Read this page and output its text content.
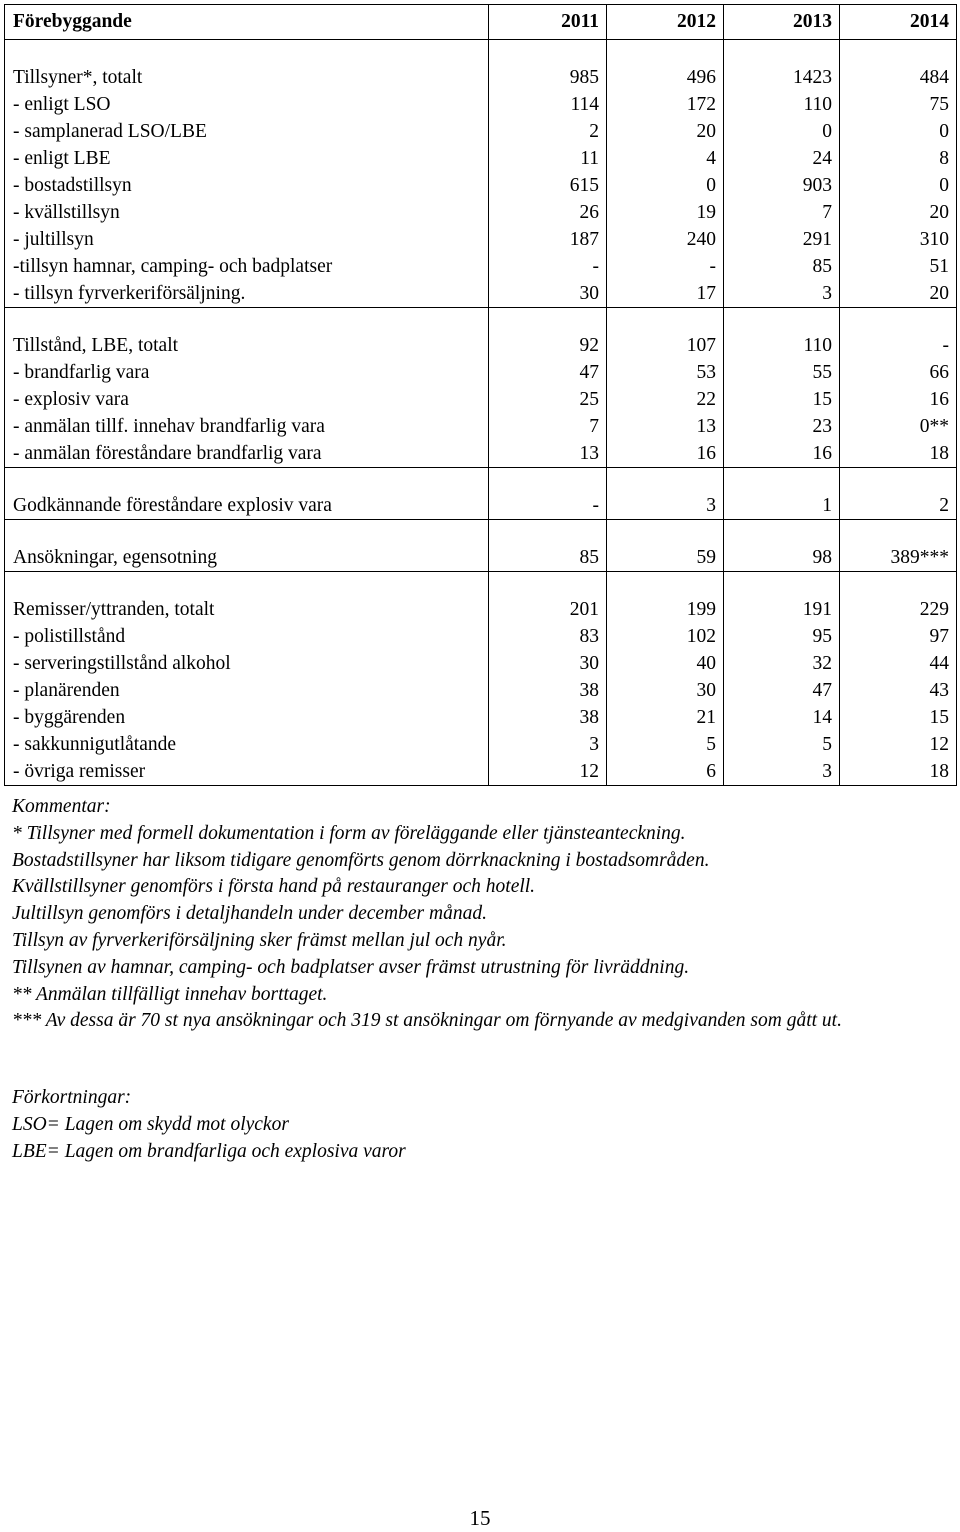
Förebyggande	2011	2012	2013	2014

Tillsyner*, totalt	985	496	1423	484
- enligt LSO	114	172	110	75
- samplanerad LSO/LBE	2	20	0	0
- enligt LBE	11	4	24	8
- bostadstillsyn	615	0	903	0
- kvällstillsyn	26	19	7	20
- jultillsyn	187	240	291	310
-tillsyn hamnar, camping- och badplatser	-	-	85	51
- tillsyn fyrverkeriförsäljning.	30	17	3	20

Tillstånd, LBE, totalt	92	107	110	-
- brandfarlig vara	47	53	55	66
- explosiv vara	25	22	15	16
- anmälan tillf. innehav brandfarlig vara	7	13	23	0**
- anmälan föreståndare brandfarlig vara	13	16	16	18

Godkännande föreståndare explosiv vara	-	3	1	2

Ansökningar, egensotning	85	59	98	389***

Remisser/yttranden, totalt	201	199	191	229
- polistillstånd	83	102	95	97
- serveringstillstånd alkohol	30	40	32	44
- planärenden	38	30	47	43
- byggärenden	38	21	14	15
- sakkunnigutlåtande	3	5	5	12
- övriga remisser	12	6	3	18

Kommentar:

* Tillsyner med formell dokumentation i form av föreläggande eller tjänsteanteckning.

Bostadstillsyner har liksom tidigare genomförts genom dörrknackning i bostadsområden.

Kvällstillsyner genomförs i första hand på restauranger och hotell.

Jultillsyn genomförs i detaljhandeln under december månad.

Tillsyn av fyrverkeriförsäljning sker främst mellan jul och nyår.

Tillsynen av hamnar, camping- och badplatser avser främst utrustning för livräddning.

** Anmälan tillfälligt innehav borttaget.

*** Av dessa är 70 st nya ansökningar och 319 st ansökningar om förnyande av medgivanden som gått ut.

Förkortningar:

LSO= Lagen om skydd mot olyckor

LBE= Lagen om brandfarliga och explosiva varor

15
